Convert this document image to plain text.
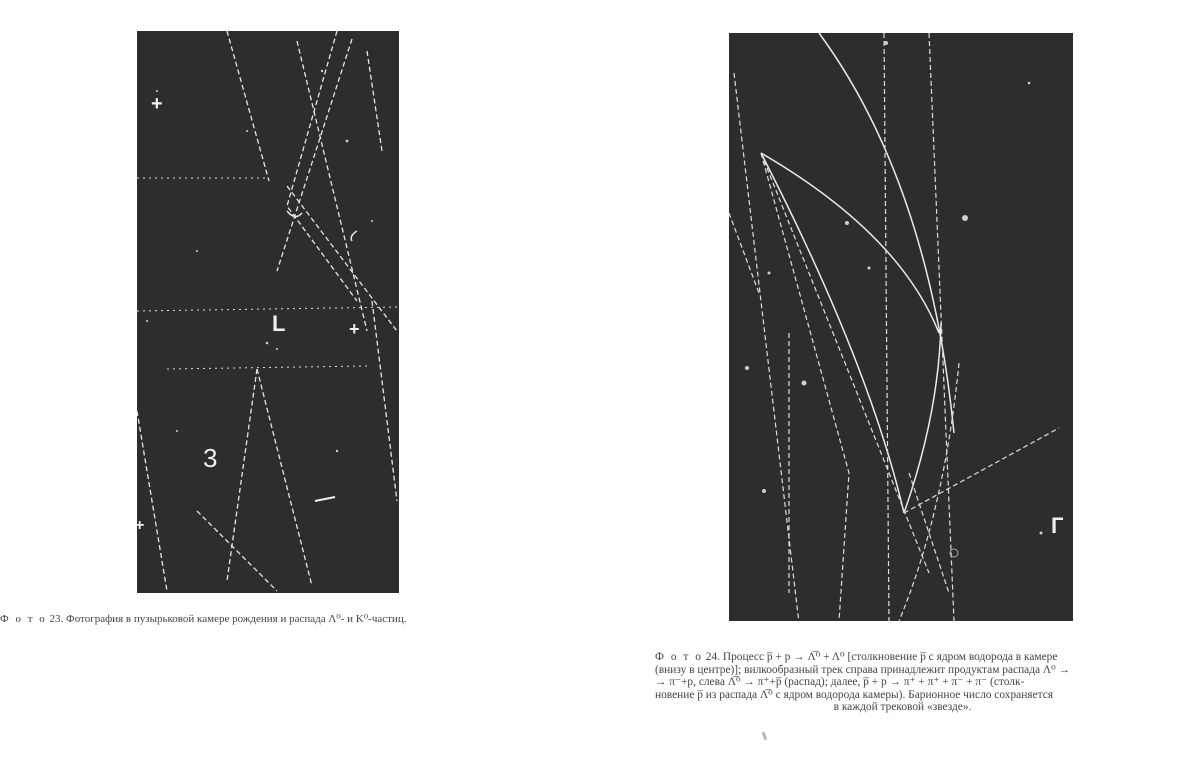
+
L	+
3
+	Г
Ф о т о 23. Фотография в пузырьковой камере рождения и распада Λ⁰- и K⁰-частиц.

Ф о т о 24. Процесс p̅ + p → Λ̅⁰ + Λ⁰ [столкновение p̅ с ядром водорода в камере

(внизу в центре)]; вилкообразный трек справа принадлежит продуктам распада Λ⁰ →

→ π⁻+p, слева Λ̅⁰ → π⁺+p̅ (распад); далее, p̅ + p → π⁺ + π⁺ + π⁻ + π⁻ (столк-

новение p̅ из распада Λ̅⁰ с ядром водорода камеры). Барионное число сохраняется

в каждой трековой «звезде».
